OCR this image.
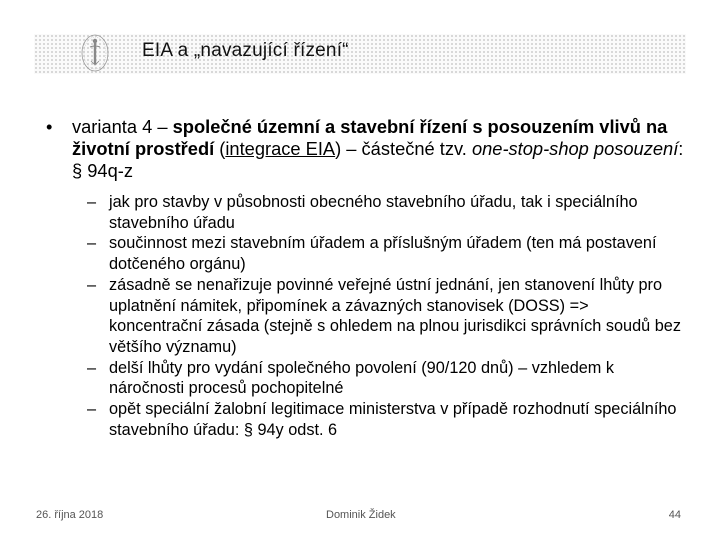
EIA a „navazující řízení“
• varianta 4 – společné územní a stavební řízení s posouzením vlivů na životní prostředí (integrace EIA) – částečné tzv. one-stop-shop posouzení: § 94q-z
– jak pro stavby v působnosti obecného stavebního úřadu, tak i speciálního stavebního úřadu
– součinnost mezi stavebním úřadem a příslušným úřadem (ten má postavení dotčeného orgánu)
– zásadně se nenařizuje povinné veřejné ústní jednání, jen stanovení lhůty pro uplatnění námitek, připomínek a závazných stanovisek (DOSS) => koncentrační zásada (stejně s ohledem na plnou jurisdikci správních soudů bez většího významu)
– delší lhůty pro vydání společného povolení (90/120 dnů) – vzhledem k náročnosti procesů pochopitelné
– opět speciální žalobní legitimace ministerstva v případě rozhodnutí speciálního stavebního úřadu: § 94y odst. 6
26. října 2018	Dominik Židek	44
